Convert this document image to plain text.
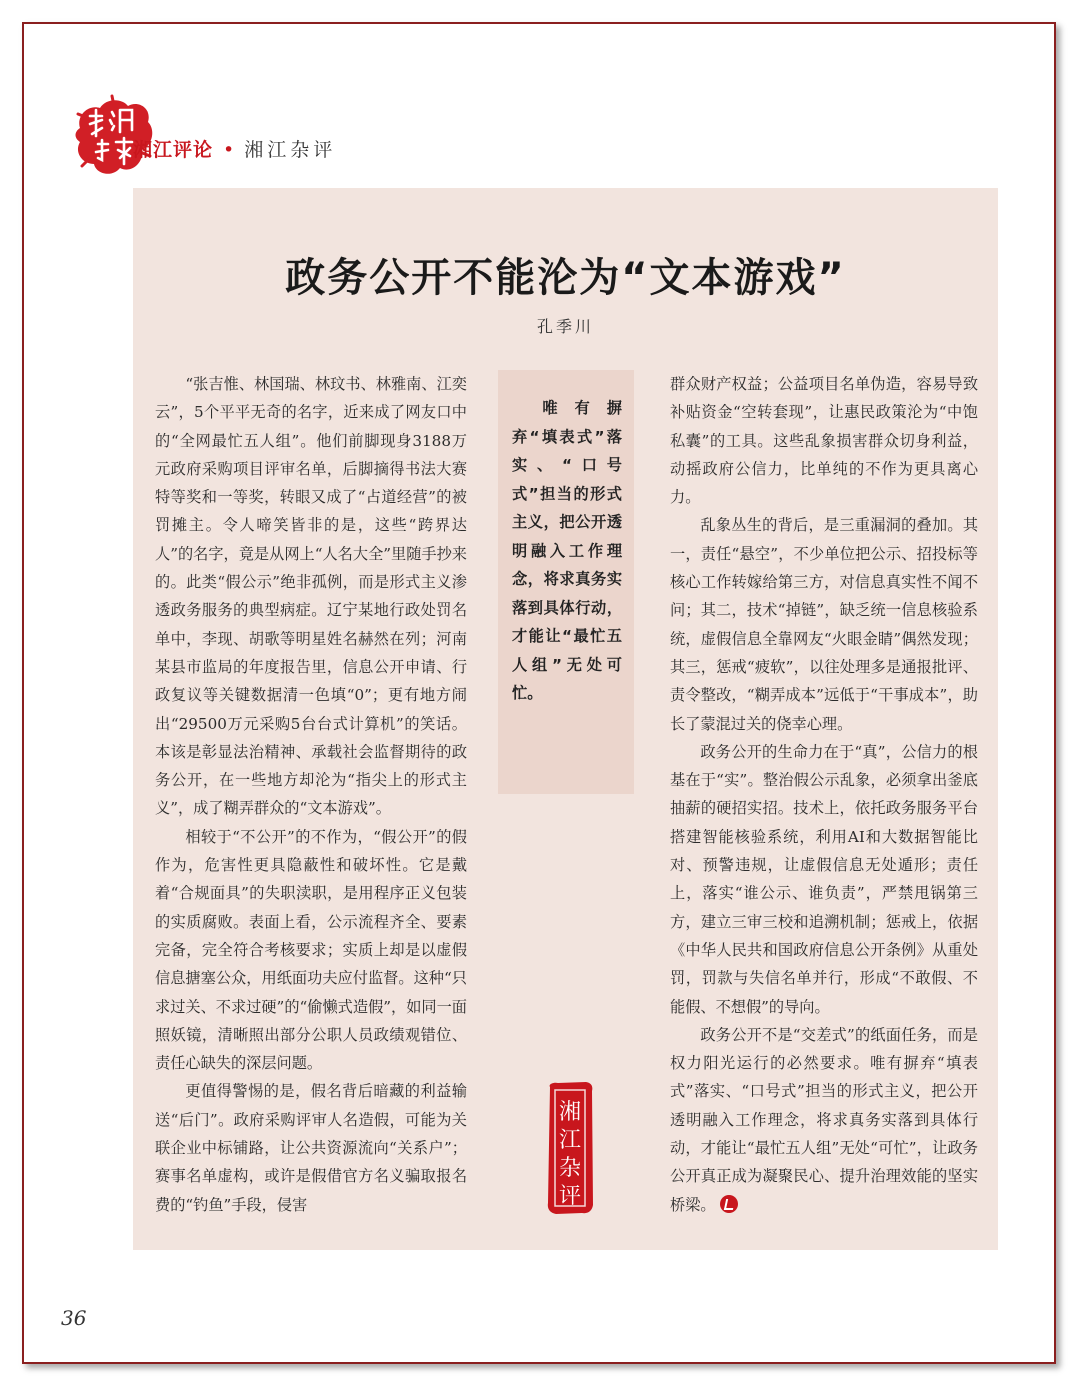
湘江评论 • 湘江杂评
政务公开不能沦为“文本游戏”
孔季川

“张吉惟、林国瑞、林玟书、林雅南、江奕云”，5个平平无奇的名字，近来成了网友口中的“全网最忙五人组”。他们前脚现身3188万元政府采购项目评审名单，后脚摘得书法大赛特等奖和一等奖，转眼又成了“占道经营”的被罚摊主。令人啼笑皆非的是，这些“跨界达人”的名字，竟是从网上“人名大全”里随手抄来的。此类“假公示”绝非孤例，而是形式主义渗透政务服务的典型病症。辽宁某地行政处罚名单中，李现、胡歌等明星姓名赫然在列；河南某县市监局的年度报告里，信息公开申请、行政复议等关键数据清一色填“0”；更有地方闹出“29500万元采购5台台式计算机”的笑话。本该是彰显法治精神、承载社会监督期待的政务公开，在一些地方却沦为“指尖上的形式主义”，成了糊弄群众的“文本游戏”。

相较于“不公开”的不作为，“假公开”的假作为，危害性更具隐蔽性和破坏性。它是戴着“合规面具”的失职渎职，是用程序正义包装的实质腐败。表面上看，公示流程齐全、要素完备，完全符合考核要求；实质上却是以虚假信息搪塞公众，用纸面功夫应付监督。这种“只求过关、不求过硬”的“偷懒式造假”，如同一面照妖镜，清晰照出部分公职人员政绩观错位、责任心缺失的深层问题。

更值得警惕的是，假名背后暗藏的利益输送“后门”。政府采购评审人名造假，可能为关联企业中标铺路，让公共资源流向“关系户”；赛事名单虚构，或许是假借官方名义骗取报名费的“钓鱼”手段，侵害

唯有摒弃“填表式”落实、“口号式”担当的形式主义，把公开透明融入工作理念，将求真务实落到具体行动，才能让“最忙五人组”无处可忙。
湘
江
杂
评

群众财产权益；公益项目名单伪造，容易导致补贴资金“空转套现”，让惠民政策沦为“中饱私囊”的工具。这些乱象损害群众切身利益，动摇政府公信力，比单纯的不作为更具离心力。

乱象丛生的背后，是三重漏洞的叠加。其一，责任“悬空”，不少单位把公示、招投标等核心工作转嫁给第三方，对信息真实性不闻不问；其二，技术“掉链”，缺乏统一信息核验系统，虚假信息全靠网友“火眼金睛”偶然发现；其三，惩戒“疲软”，以往处理多是通报批评、责令整改，“糊弄成本”远低于“干事成本”，助长了蒙混过关的侥幸心理。

政务公开的生命力在于“真”，公信力的根基在于“实”。整治假公示乱象，必须拿出釜底抽薪的硬招实招。技术上，依托政务服务平台搭建智能核验系统，利用AI和大数据智能比对、预警违规，让虚假信息无处遁形；责任上，落实“谁公示、谁负责”，严禁甩锅第三方，建立三审三校和追溯机制；惩戒上，依据《中华人民共和国政府信息公开条例》从重处罚，罚款与失信名单并行，形成“不敢假、不能假、不想假”的导向。

政务公开不是“交差式”的纸面任务，而是权力阳光运行的必然要求。唯有摒弃“填表式”落实、“口号式”担当的形式主义，把公开透明融入工作理念，将求真务实落到具体行动，才能让“最忙五人组”无处“可忙”，让政务公开真正成为凝聚民心、提升治理效能的坚实桥梁。

36
